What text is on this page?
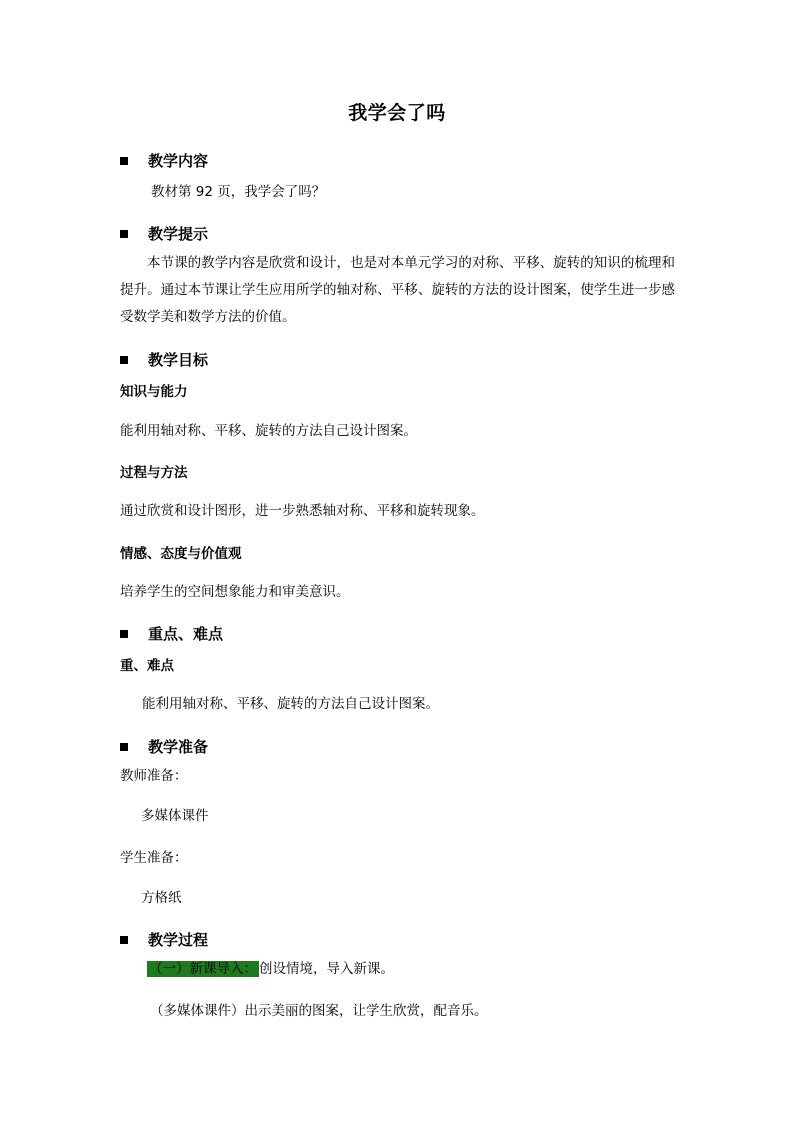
我学会了吗
教学内容
教材第 92 页，我学会了吗？
教学提示
本节课的教学内容是欣赏和设计，也是对本单元学习的对称、平移、旋转的知识的梳理和提升。通过本节课让学生应用所学的轴对称、平移、旋转的方法的设计图案，使学生进一步感受数学美和数学方法的价值。
教学目标
知识与能力
能利用轴对称、平移、旋转的方法自己设计图案。
过程与方法
通过欣赏和设计图形，进一步熟悉轴对称、平移和旋转现象。
情感、态度与价值观
培养学生的空间想象能力和审美意识。
重点、难点
重、难点
能利用轴对称、平移、旋转的方法自己设计图案。
教学准备
教师准备：
多媒体课件
学生准备：
方格纸
教学过程
（一）新课导入： 创设情境，导入新课。
（多媒体课件）出示美丽的图案，让学生欣赏，配音乐。
